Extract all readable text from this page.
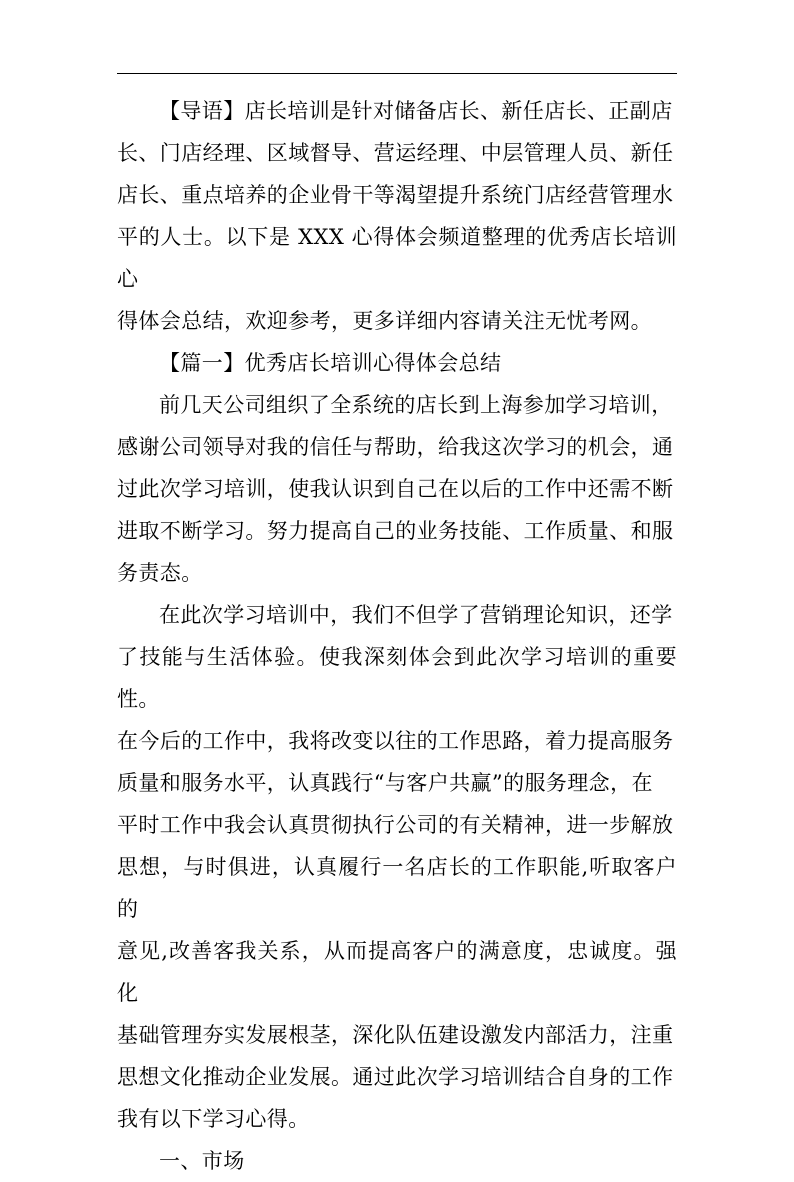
【导语】店长培训是针对储备店长、新任店长、正副店
长、门店经理、区域督导、营运经理、中层管理人员、新任
店长、重点培养的企业骨干等渴望提升系统门店经营管理水
平的人士。以下是 XXX 心得体会频道整理的优秀店长培训心
得体会总结，欢迎参考，更多详细内容请关注无忧考网。

【篇一】优秀店长培训心得体会总结

前几天公司组织了全系统的店长到上海参加学习培训，
感谢公司领导对我的信任与帮助，给我这次学习的机会，通
过此次学习培训，使我认识到自己在以后的工作中还需不断
进取不断学习。努力提高自己的业务技能、工作质量、和服
务责态。

在此次学习培训中，我们不但学了营销理论知识，还学
了技能与生活体验。使我深刻体会到此次学习培训的重要性。
在今后的工作中，我将改变以往的工作思路，着力提高服务
质量和服务水平，认真践行“与客户共赢”的服务理念，在
平时工作中我会认真贯彻执行公司的有关精神，进一步解放
思想，与时俱进，认真履行一名店长的工作职能,听取客户的
意见,改善客我关系，从而提高客户的满意度，忠诚度。强化
基础管理夯实发展根茎，深化队伍建设激发内部活力，注重
思想文化推动企业发展。通过此次学习培训结合自身的工作
我有以下学习心得。

一、市场
